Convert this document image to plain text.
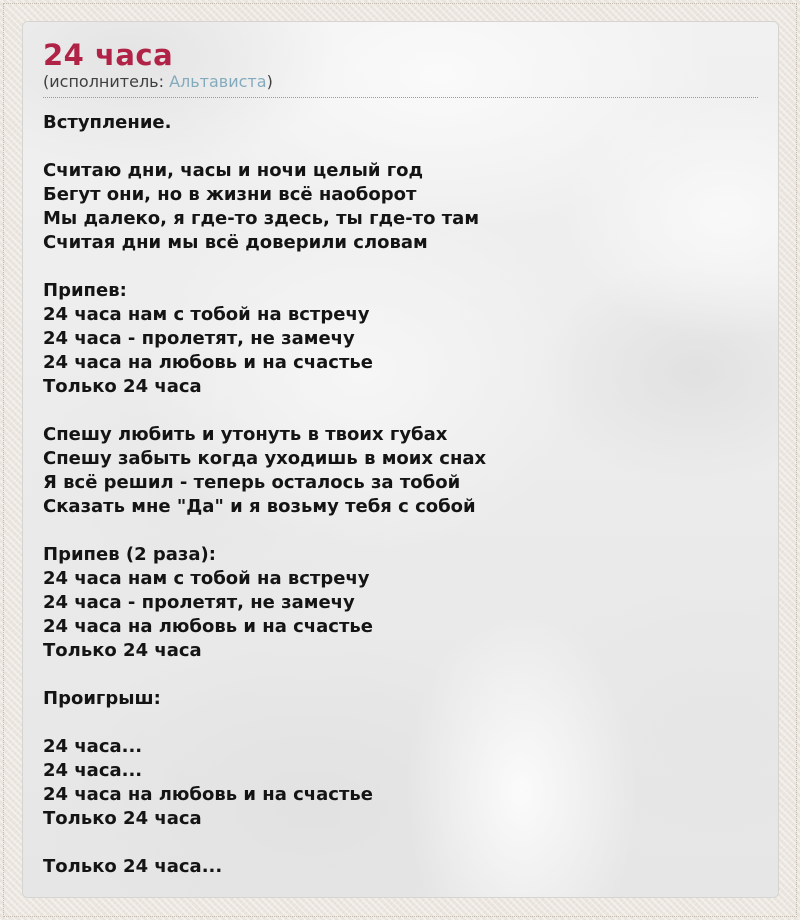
24 часа
(исполнитель: Альтависта)
Вступление.

Считаю дни, часы и ночи целый год
Бегут они, но в жизни всё наоборот
Мы далеко, я где-то здесь, ты где-то там
Считая дни мы всё доверили словам

Припев:
24 часа нам с тобой на встречу
24 часа - пролетят, не замечу
24 часа на любовь и на счастье
Только 24 часа

Спешу любить и утонуть в твоих губах
Спешу забыть когда уходишь в моих снах
Я всё решил - теперь осталось за тобой
Сказать мне "Да" и я возьму тебя с собой

Припев (2 раза):
24 часа нам с тобой на встречу
24 часа - пролетят, не замечу
24 часа на любовь и на счастье
Только 24 часа

Проигрыш:

24 часа...
24 часа...
24 часа на любовь и на счастье
Только 24 часа

Только 24 часа...
